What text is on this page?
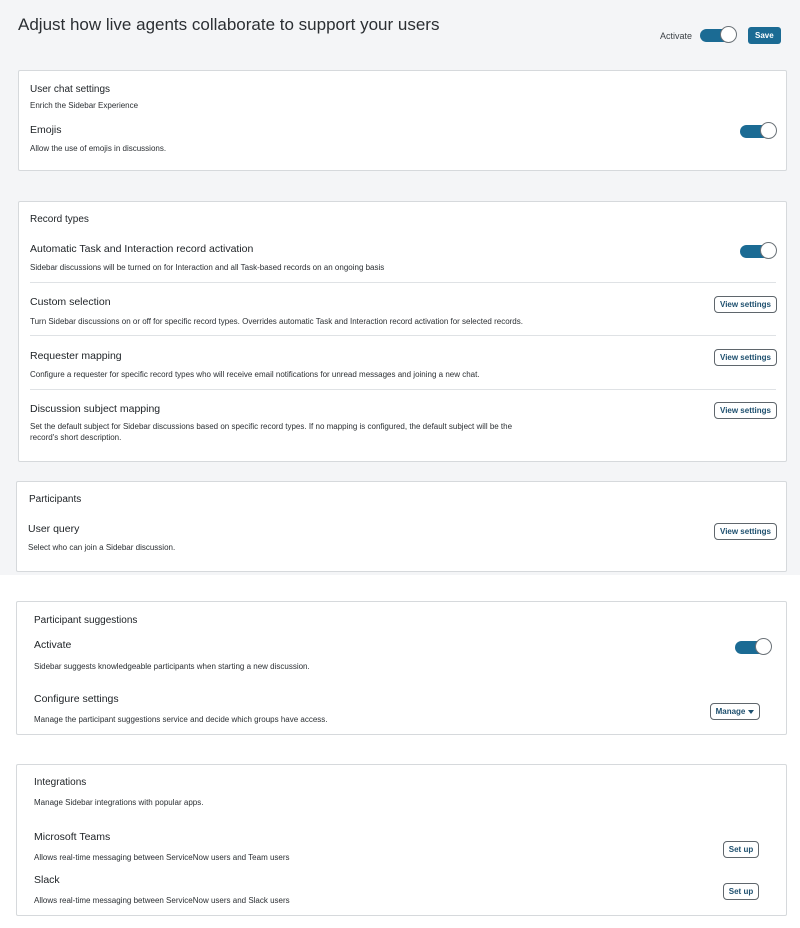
Adjust how live agents collaborate to support your users
Activate	Save
User chat settings
Enrich the Sidebar Experience
Emojis
Allow the use of emojis in discussions.
Record types
Automatic Task and Interaction record activation
Sidebar discussions will be turned on for Interaction and all Task-based records on an ongoing basis
Custom selection
Turn Sidebar discussions on or off for specific record types. Overrides automatic Task and Interaction record activation for selected records.
View settings
Requester mapping
Configure a requester for specific record types who will receive email notifications for unread messages and joining a new chat.
View settings
Discussion subject mapping
Set the default subject for Sidebar discussions based on specific record types. If no mapping is configured, the default subject will be the
record's short description.
View settings
Participants
User query
Select who can join a Sidebar discussion.
View settings
Participant suggestions
Activate
Sidebar suggests knowledgeable participants when starting a new discussion.
Configure settings
Manage the participant suggestions service and decide which groups have access.
Manage
Integrations
Manage Sidebar integrations with popular apps.
Microsoft Teams
Allows real-time messaging between ServiceNow users and Team users
Set up
Slack
Allows real-time messaging between ServiceNow users and Slack users
Set up
